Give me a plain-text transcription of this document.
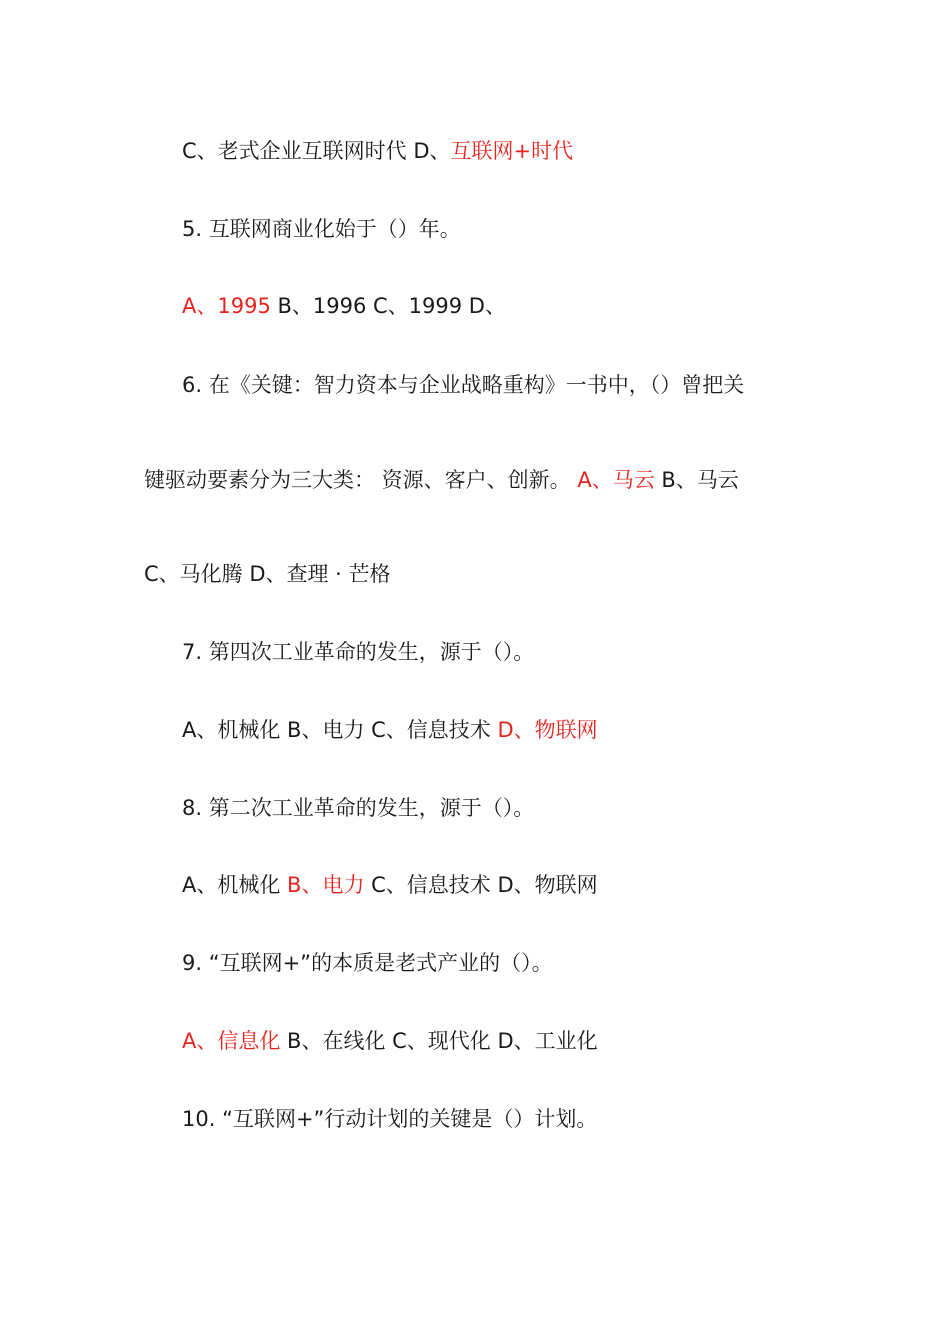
C、老式企业互联网时代 D、互联网+时代
5. 互联网商业化始于（）年。
A、1995 B、1996 C、1999 D、
6. 在《关键：智力资本与企业战略重构》一书中，（）曾把关
键驱动要素分为三大类： 资源、客户、创新。 A、马云 B、马云
C、马化腾 D、查理 · 芒格
7. 第四次工业革命的发生，源于（）。
A、机械化 B、电力 C、信息技术 D、物联网
8. 第二次工业革命的发生，源于（）。
A、机械化 B、电力 C、信息技术 D、物联网
9. “互联网+”的本质是老式产业的（）。
A、信息化 B、在线化 C、现代化 D、工业化
10. “互联网+”行动计划的关键是（）计划。
